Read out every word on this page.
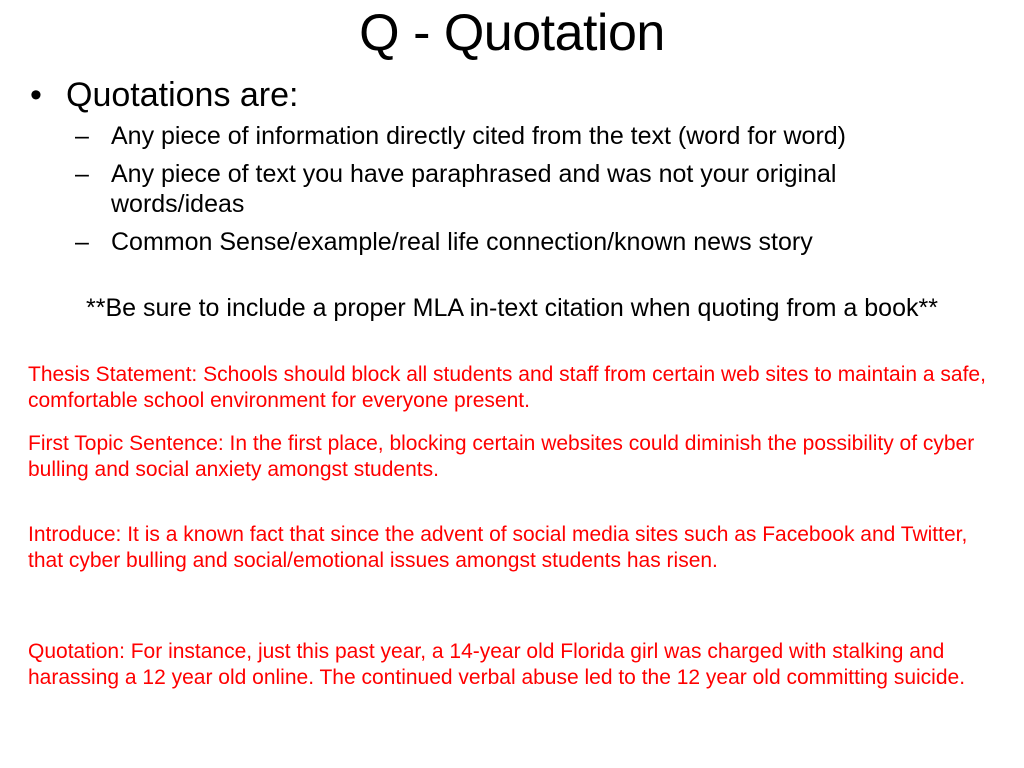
Q - Quotation
• Quotations are:
– Any piece of information directly cited from the text (word for word)
– Any piece of text you have paraphrased and was not your original words/ideas
– Common Sense/example/real life connection/known news story
**Be sure to include a proper MLA in-text citation when quoting from a book**
Thesis Statement: Schools should block all students and staff from certain web sites to maintain a safe, comfortable school environment for everyone present.
First Topic Sentence: In the first place, blocking certain websites could diminish the possibility of cyber bulling and social anxiety amongst students.
Introduce: It is a known fact that since the advent of social media sites such as Facebook and Twitter, that cyber bulling and social/emotional issues amongst students has risen.
Quotation: For instance, just this past year, a 14-year old Florida girl was charged with stalking and harassing a 12 year old online. The continued verbal abuse led to the 12 year old committing suicide.
